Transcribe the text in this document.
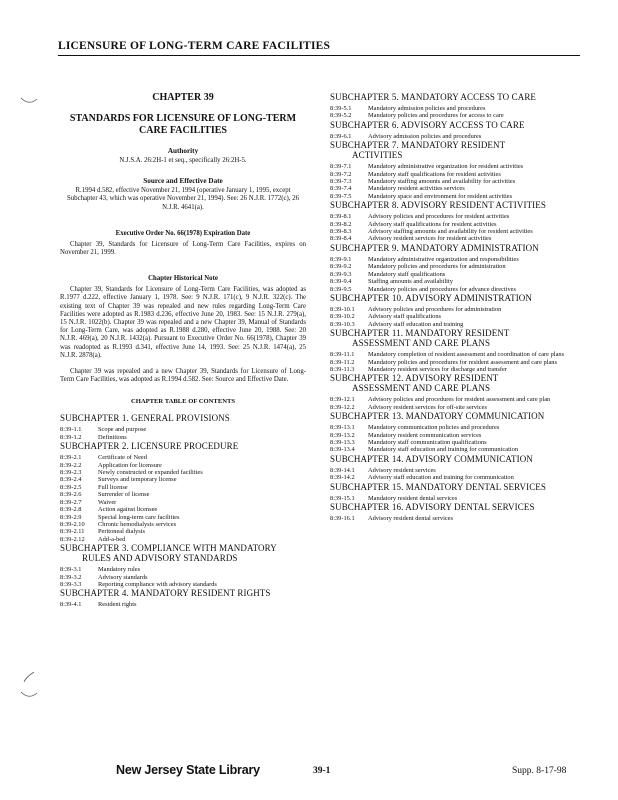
LICENSURE OF LONG-TERM CARE FACILITIES

CHAPTER 39

STANDARDS FOR LICENSURE OF LONG-TERM CARE FACILITIES

Authority

N.J.S.A. 26:2H-1 et seq., specifically 26:2H-5.

Source and Effective Date

R.1994 d.582, effective November 21, 1994 (operative January 1, 1995, except Subchapter 43, which was operative November 21, 1994). See: 26 N.J.R. 1772(c), 26 N.J.R. 4641(a).

Executive Order No. 66(1978) Expiration Date

Chapter 39, Standards for Licensure of Long-Term Care Facilities, expires on November 21, 1999.

Chapter Historical Note

Chapter 39, Standards for Licensure of Long-Term Care Facilities, was adopted as R.1977 d.222, effective January 1, 1978. See: 9 N.J.R. 171(c), 9 N.J.R. 322(c). The existing text of Chapter 39 was repealed and new rules regarding Long-Term Care Facilities were adopted as R.1983 d.236, effective June 20, 1983. See: 15 N.J.R. 279(a), 15 N.J.R. 1022(b). Chapter 39 was repealed and a new Chapter 39, Manual of Standards for Long-Term Care, was adopted as R.1988 d.280, effective June 20, 1988. See: 20 N.J.R. 469(a), 20 N.J.R. 1432(a). Pursuant to Executive Order No. 66(1978), Chapter 39 was readopted as R.1993 d.341, effective June 14, 1993. See: 25 N.J.R. 1474(a), 25 N.J.R. 2878(a).

Chapter 39 was repealed and a new Chapter 39, Standards for Licensure of Long-Term Care Facilities, was adopted as R.1994 d.582. See: Source and Effective Date.

CHAPTER TABLE OF CONTENTS

SUBCHAPTER 1. GENERAL PROVISIONS
8:39-1.1	Scope and purpose
8:39-1.2	Definitions
SUBCHAPTER 2. LICENSURE PROCEDURE
8:39-2.1	Certificate of Need
8:39-2.2	Application for licensure
8:39-2.3	Newly constructed or expanded facilities
8:39-2.4	Surveys and temporary license
8:39-2.5	Full license
8:39-2.6	Surrender of license
8:39-2.7	Waiver
8:39-2.8	Action against licensee
8:39-2.9	Special long-term care facilities
8:39-2.10	Chronic hemodialysis services
8:39-2.11	Peritoneal dialysis
8:39-2.12	Add-a-bed
SUBCHAPTER 3. COMPLIANCE WITH MANDATORY
RULES AND ADVISORY STANDARDS
8:39-3.1	Mandatory rules
8:39-3.2	Advisory standards
8:39-3.3	Reporting compliance with advisory standards
SUBCHAPTER 4. MANDATORY RESIDENT RIGHTS
8:39-4.1	Resident rights
SUBCHAPTER 5. MANDATORY ACCESS TO CARE
8:39-5.1	Mandatory admission policies and procedures
8:39-5.2	Mandatory policies and procedures for access to care
SUBCHAPTER 6. ADVISORY ACCESS TO CARE
8:39-6.1	Advisory admission policies and procedures
SUBCHAPTER 7. MANDATORY RESIDENT
ACTIVITIES
8:39-7.1	Mandatory administrative organization for resident activities
8:39-7.2	Mandatory staff qualifications for resident activities
8:39-7.3	Mandatory staffing amounts and availability for activities
8:39-7.4	Mandatory resident activities services
8:39-7.5	Mandatory space and environment for resident activities
SUBCHAPTER 8. ADVISORY RESIDENT ACTIVITIES
8:39-8.1	Advisory policies and procedures for resident activities
8:39-8.2	Advisory staff qualifications for resident activities
8:39-8.3	Advisory staffing amounts and availability for resident activities
8:39-8.4	Advisory resident services for resident activities
SUBCHAPTER 9. MANDATORY ADMINISTRATION
8:39-9.1	Mandatory administrative organization and responsibilities
8:39-9.2	Mandatory policies and procedures for administration
8:39-9.3	Mandatory staff qualifications
8:39-9.4	Staffing amounts and availability
8:39-9.5	Mandatory policies and procedures for advance directives
SUBCHAPTER 10. ADVISORY ADMINISTRATION
8:39-10.1	Advisory policies and procedures for administration
8:39-10.2	Advisory staff qualifications
8:39-10.3	Advisory staff education and training
SUBCHAPTER 11. MANDATORY RESIDENT
ASSESSMENT AND CARE PLANS
8:39-11.1	Mandatory completion of resident assessment and coordination of care plans
8:39-11.2	Mandatory policies and procedures for resident assessment and care plans
8:39-11.3	Mandatory resident services for discharge and transfer
SUBCHAPTER 12. ADVISORY RESIDENT
ASSESSMENT AND CARE PLANS
8:39-12.1	Advisory policies and procedures for resident assessment and care plan
8:39-12.2	Advisory resident services for off-site services
SUBCHAPTER 13. MANDATORY COMMUNICATION
8:39-13.1	Mandatory communication policies and procedures
8:39-13.2	Mandatory resident communication services
8:39-13.3	Mandatory staff communication qualifications
8:39-13.4	Mandatory staff education and training for communication
SUBCHAPTER 14. ADVISORY COMMUNICATION
8:39-14.1	Advisory resident services
8:39-14.2	Advisory staff education and training for communication
SUBCHAPTER 15. MANDATORY DENTAL SERVICES
8:39-15.1	Mandatory resident dental services
SUBCHAPTER 16. ADVISORY DENTAL SERVICES
8:39-16.1	Advisory resident dental services
New Jersey State Library	39-1	Supp. 8-17-98
